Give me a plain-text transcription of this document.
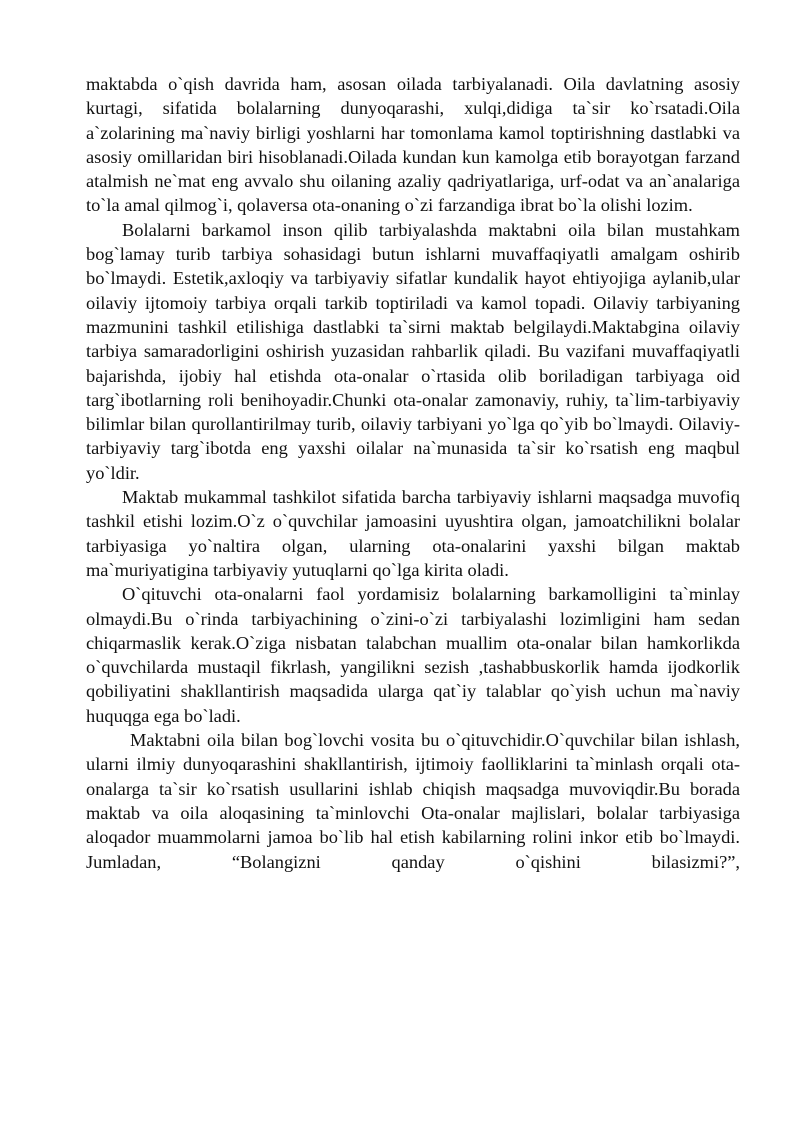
maktabda o`qish davrida ham, asosan oilada tarbiyalanadi. Oila davlatning asosiy kurtagi, sifatida bolalarning dunyoqarashi, xulqi,didiga ta`sir ko`rsatadi.Oila a`zolarining ma`naviy birligi yoshlarni har tomonlama kamol toptirishning dastlabki va asosiy omillaridan biri hisoblanadi.Oilada kundan kun kamolga etib borayotgan farzand atalmish ne`mat eng avvalo shu oilaning azaliy qadriyatlariga, urf-odat va an`analariga to`la amal qilmog`i, qolaversa ota-onaning o`zi farzandiga ibrat bo`la olishi lozim.

Bolalarni barkamol inson qilib tarbiyalashda maktabni oila bilan mustahkam bog`lamay turib tarbiya sohasidagi butun ishlarni muvaffaqiyatli amalgam oshirib bo`lmaydi. Estetik,axloqiy va tarbiyaviy sifatlar kundalik hayot ehtiyojiga aylanib,ular oilaviy ijtomoiy tarbiya orqali tarkib toptiriladi va kamol topadi. Oilaviy tarbiyaning mazmunini tashkil etilishiga dastlabki ta`sirni maktab belgilaydi.Maktabgina oilaviy tarbiya samaradorligini oshirish yuzasidan rahbarlik qiladi. Bu vazifani muvaffaqiyatli bajarishda, ijobiy hal etishda ota-onalar o`rtasida olib boriladigan tarbiyaga oid targ`ibotlarning roli benihoyadir.Chunki ota-onalar zamonaviy, ruhiy, ta`lim-tarbiyaviy bilimlar bilan qurollantirilmay turib, oilaviy tarbiyani yo`lga qo`yib bo`lmaydi. Oilaviy-tarbiyaviy targ`ibotda eng yaxshi oilalar na`munasida ta`sir ko`rsatish eng maqbul yo`ldir.

Maktab mukammal tashkilot sifatida barcha tarbiyaviy ishlarni maqsadga muvofiq tashkil etishi lozim.O`z o`quvchilar jamoasini uyushtira olgan, jamoatchilikni bolalar tarbiyasiga yo`naltira olgan, ularning ota-onalarini yaxshi bilgan maktab ma`muriyatigina tarbiyaviy yutuqlarni qo`lga kirita oladi.

O`qituvchi ota-onalarni faol yordamisiz bolalarning barkamolligini ta`minlay olmaydi.Bu o`rinda tarbiyachining o`zini-o`zi tarbiyalashi lozimligini ham sedan chiqarmaslik kerak.O`ziga nisbatan talabchan muallim ota-onalar bilan hamkorlikda o`quvchilarda mustaqil fikrlash, yangilikni sezish ,tashabbuskorlik hamda ijodkorlik qobiliyatini shakllantirish maqsadida ularga qat`iy talablar qo`yish uchun ma`naviy huquqga ega bo`ladi.

Maktabni oila bilan bog`lovchi vosita bu o`qituvchidir.O`quvchilar bilan ishlash, ularni ilmiy dunyoqarashini shakllantirish, ijtimoiy faolliklarini ta`minlash orqali ota-onalarga ta`sir ko`rsatish usullarini ishlab chiqish maqsadga muvoviqdir.Bu borada maktab va oila aloqasining ta`minlovchi Ota-onalar majlislari, bolalar tarbiyasiga aloqador muammolarni jamoa bo`lib hal etish kabilarning rolini inkor etib bo`lmaydi. Jumladan, “Bolangizni qanday o`qishini bilasizmi?”,
